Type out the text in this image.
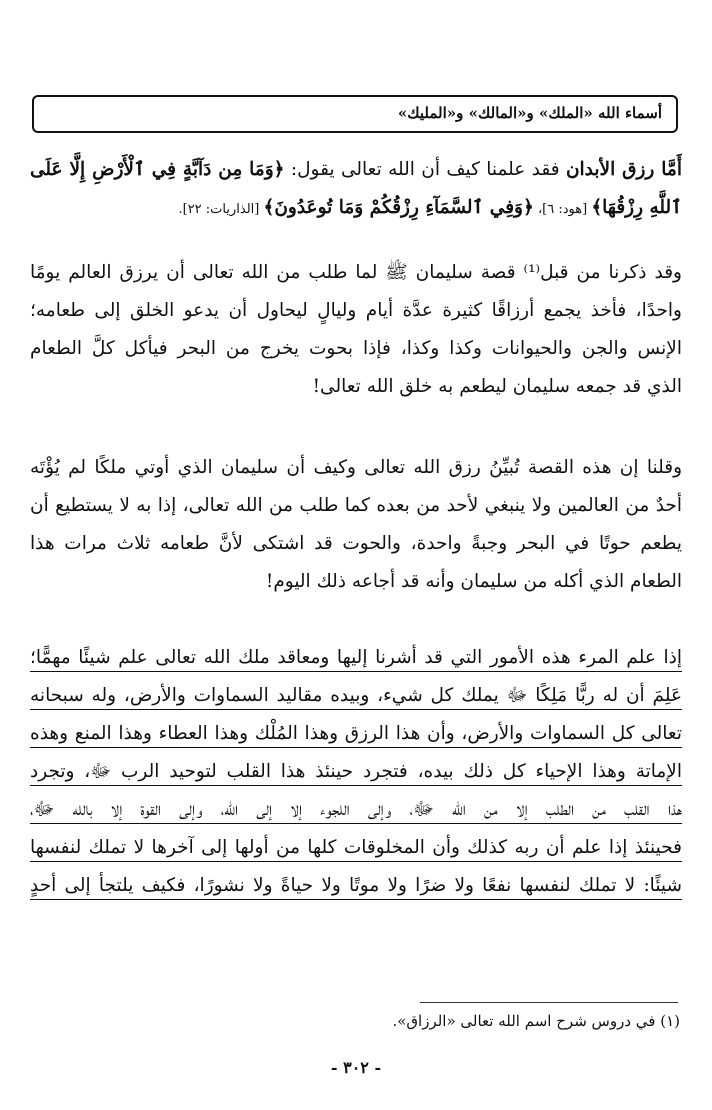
أسماء الله «الملك» و«المالك» و«المليك»
أَمَّا رزق الأبدان فقد علمنا كيف أن الله تعالى يقول: ﴿وَمَا مِن دَآبَّةٍ فِي ٱلْأَرْضِ إِلَّا عَلَى
ٱللَّهِ رِزْقُهَا﴾ [هود: ٦]، ﴿وَفِي ٱلسَّمَآءِ رِزْقُكُمْ وَمَا تُوعَدُونَ﴾ [الذاريات: ٢٢].
وقد ذكرنا من قبل⁽¹⁾ قصة سليمان ﷺ لما طلب من الله تعالى أن يرزق العالم يومًا
واحدًا، فأخذ يجمع أرزاقًا كثيرة عدَّة أيام وليالٍ ليحاول أن يدعو الخلق إلى طعامه؛
الإنس والجن والحيوانات وكذا وكذا، فإذا بحوت يخرج من البحر فيأكل كلَّ الطعام
الذي قد جمعه سليمان ليطعم به خلق الله تعالى!
وقلنا إن هذه القصة تُبيِّنُ رزق الله تعالى وكيف أن سليمان الذي أوتي ملكًا لم يُؤْتَه
أحدٌ من العالمين ولا ينبغي لأحد من بعده كما طلب من الله تعالى، إذا به لا يستطيع أن
يطعم حوتًا في البحر وجبةً واحدة، والحوت قد اشتكى لأنَّ طعامه ثلاث مرات هذا
الطعام الذي أكله من سليمان وأنه قد أجاعه ذلك اليوم!
إذا علم المرء هذه الأمور التي قد أشرنا إليها ومعاقد ملك الله تعالى علم شيئًا مهمًّا؛
عَلِمَ أن له ربًّا مَلِكًا ﷻ يملك كل شيء، وبيده مقاليد السماوات والأرض، وله سبحانه
تعالى كل السماوات والأرض، وأن هذا الرزق وهذا المُلْك وهذا العطاء وهذا المنع وهذه
الإماتة وهذا الإحياء كل ذلك بيده، فتجرد حينئذ هذا القلب لتوحيد الرب ﷻ، وتجرد
هذا القلب من الطلب إلا من الله ﷻ، وإلى اللجوء إلا إلى الله، وإلى القوة إلا بالله ﷻ،
فحينئذ إذا علم أن ربه كذلك وأن المخلوقات كلها من أولها إلى آخرها لا تملك لنفسها
شيئًا: لا تملك لنفسها نفعًا ولا ضرًا ولا موتًا ولا حياةً ولا نشورًا، فكيف يلتجأ إلى أحدٍ
(١) في دروس شرح اسم الله تعالى «الرزاق».
- ٣٠٢ -
